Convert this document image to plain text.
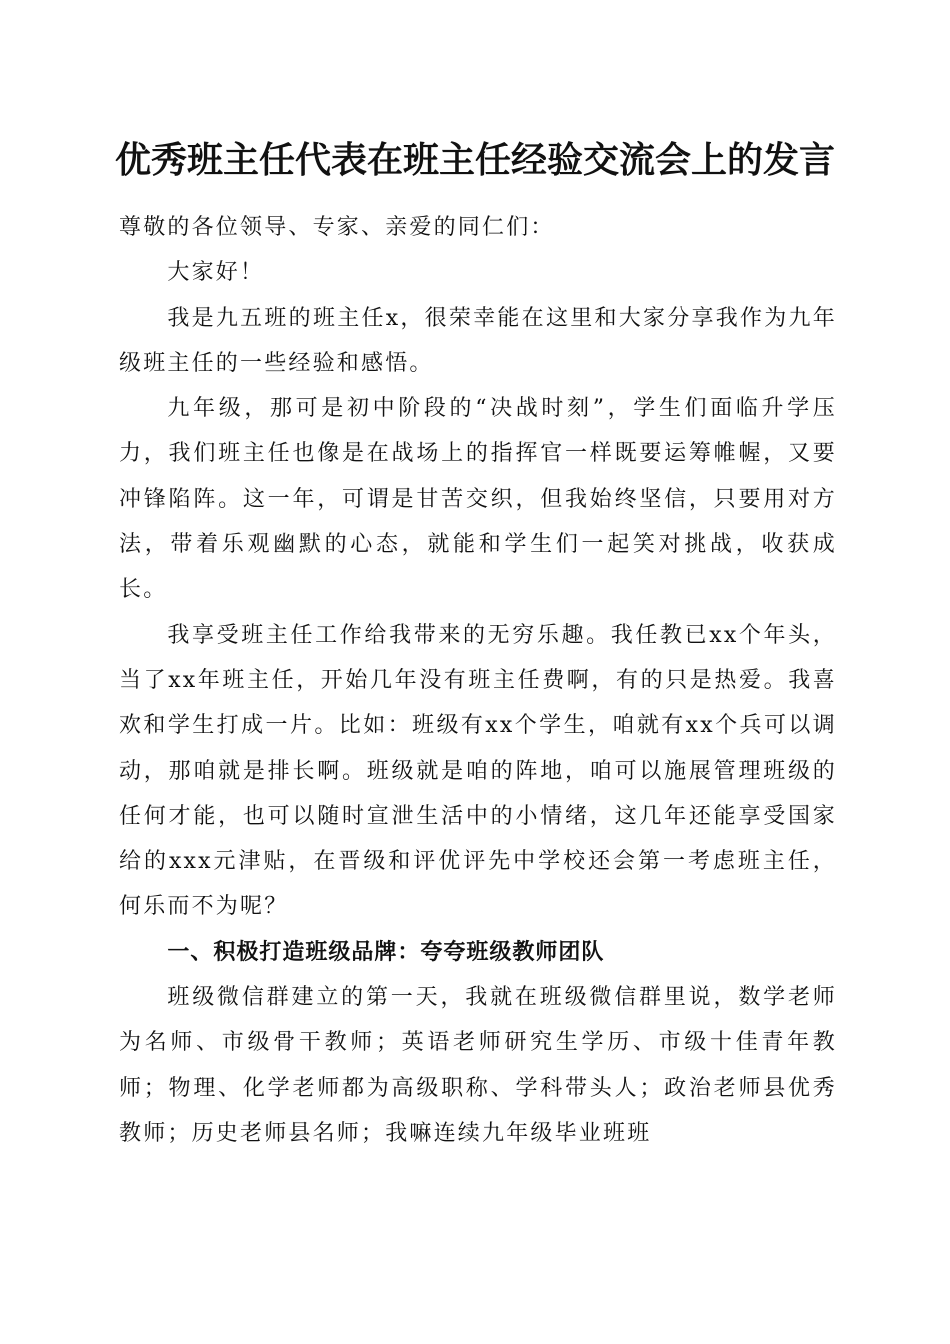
优秀班主任代表在班主任经验交流会上的发言

尊敬的各位领导、专家、亲爱的同仁们：

大家好！

我是九五班的班主任x，很荣幸能在这里和大家分享我作为九年级班主任的一些经验和感悟。

九年级，那可是初中阶段的“决战时刻”，学生们面临升学压力，我们班主任也像是在战场上的指挥官一样既要运筹帷幄，又要冲锋陷阵。这一年，可谓是甘苦交织，但我始终坚信，只要用对方法，带着乐观幽默的心态，就能和学生们一起笑对挑战，收获成长。

我享受班主任工作给我带来的无穷乐趣。我任教已xx个年头，当了xx年班主任，开始几年没有班主任费啊，有的只是热爱。我喜欢和学生打成一片。比如：班级有xx个学生，咱就有xx个兵可以调动，那咱就是排长啊。班级就是咱的阵地，咱可以施展管理班级的任何才能，也可以随时宣泄生活中的小情绪，这几年还能享受国家给的xxx元津贴，在晋级和评优评先中学校还会第一考虑班主任，何乐而不为呢？

一、积极打造班级品牌：夸夸班级教师团队

班级微信群建立的第一天，我就在班级微信群里说，数学老师为名师、市级骨干教师；英语老师研究生学历、市级十佳青年教师；物理、化学老师都为高级职称、学科带头人；政治老师县优秀教师；历史老师县名师；我嘛连续九年级毕业班班
